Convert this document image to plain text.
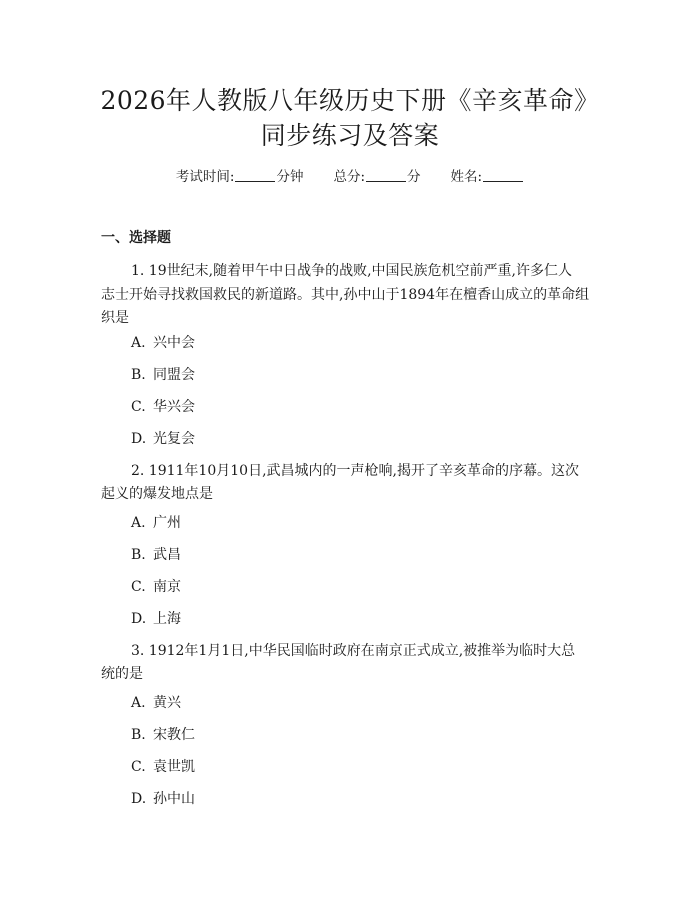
2026年人教版八年级历史下册《辛亥革命》
同步练习及答案
考试时间:	分钟 总分:	分 姓名:
一、选择题
1. 19世纪末,随着甲午中日战争的战败,中国民族危机空前严重,许多仁人
志士开始寻找救国救民的新道路。其中,孙中山于1894年在檀香山成立的革命组
织是
A. 兴中会
B. 同盟会
C. 华兴会
D. 光复会
2. 1911年10月10日,武昌城内的一声枪响,揭开了辛亥革命的序幕。这次
起义的爆发地点是
A. 广州
B. 武昌
C. 南京
D. 上海
3. 1912年1月1日,中华民国临时政府在南京正式成立,被推举为临时大总
统的是
A. 黄兴
B. 宋教仁
C. 袁世凯
D. 孙中山
